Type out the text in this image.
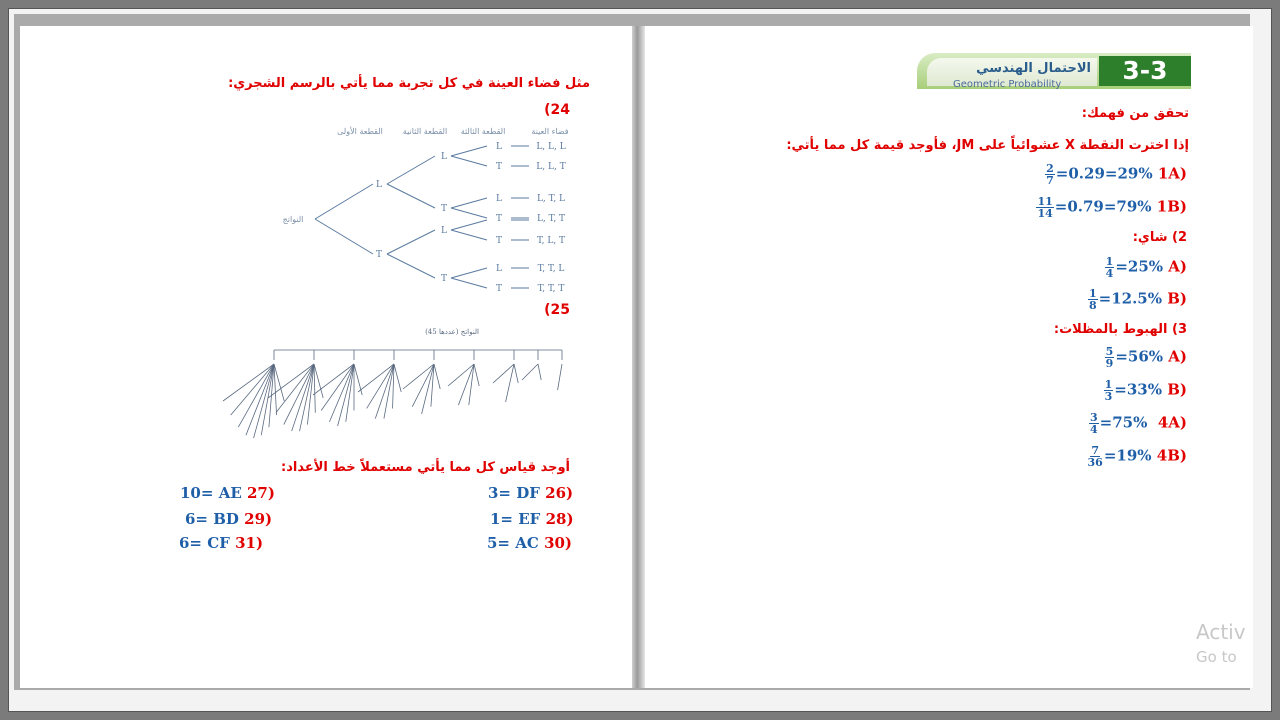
مثل فضاء العينة في كل تجربة مما يأتي بالرسم الشجري:
24)
القطعة الأولى القطعة الثانية القطعة الثالثة	فضاء العينة
النواتج
L
T
L
T
L
T
L
T
L
T
T
L
T
L, L, L
L, L, T
L, T, L
L, T, T
T, L, T
T, T, L
T, T, T
25)
النواتج (عددها 45)
أوجد قياس كل مما يأتي مستعملاً خط الأعداد:
3= DF 26)
10= AE 27)
1= EF 28)
6= BD 29)
5= AC 30)
6= CF 31)
3-3
الاحتمال الهندسي
Geometric Probability
تحقق من فهمك:
إذا اخترت النقطة X عشوائياً على JM، فأوجد قيمة كل مما يأتي:
$\frac{2}{7} =0.29=29\%$ 1A)
$\frac{11}{14} =0.79=79\%$ 1B)
2) شاي:
$\frac{1}{4} =25\%$ A)
$\frac{1}{8} =12.5\%$ B)
3) الهبوط بالمظلات:
$\frac{5}{9} =56\%$ A)
$\frac{1}{3} =33\%$ B)
$\frac{3}{4} =75\%$ 4A)
$\frac{7}{36} =19\%$ 4B)
Activ
Go to
